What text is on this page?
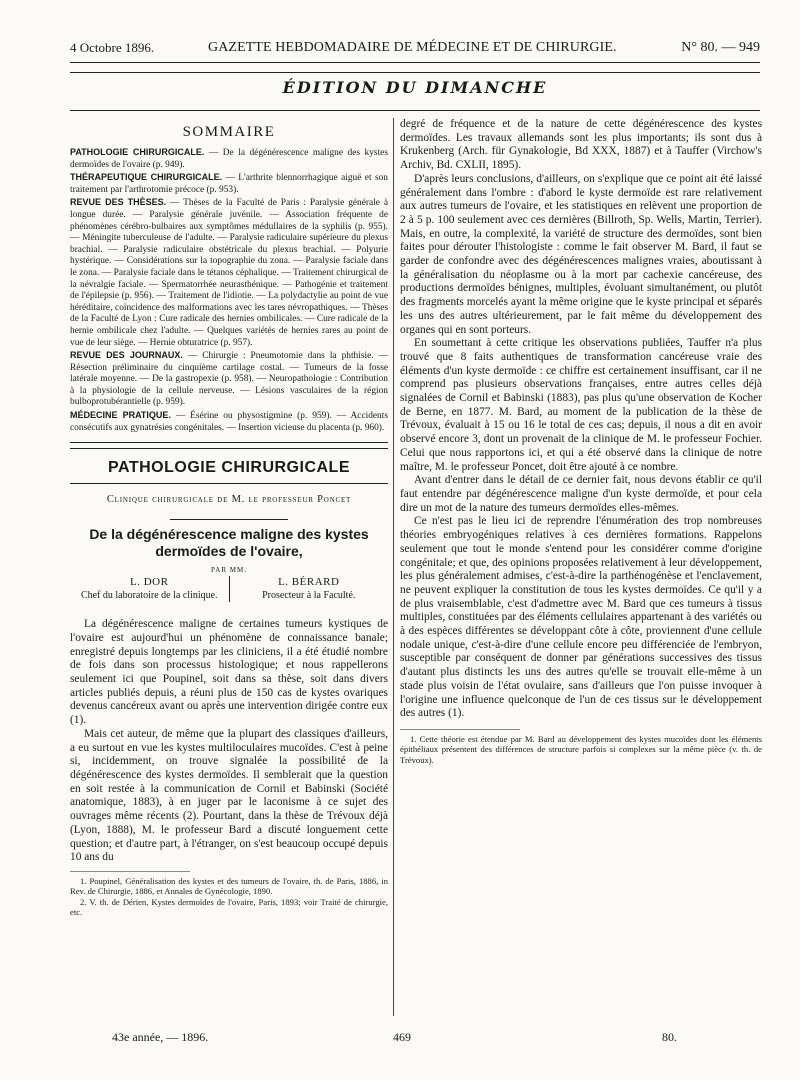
4 Octobre 1896.	GAZETTE HEBDOMADAIRE DE MÉDECINE ET DE CHIRURGIE.	N° 80. — 949
ÉDITION DU DIMANCHE
SOMMAIRE

PATHOLOGIE CHIRURGICALE. — De la dégénérescence maligne des kystes dermoïdes de l'ovaire (p. 949).

THÉRAPEUTIQUE CHIRURGICALE. — L'arthrite blennorrhagique aiguë et son traitement par l'arthrotomie précoce (p. 953).

REVUE DES THÈSES. — Thèses de la Faculté de Paris : Paralysie générale à longue durée. — Paralysie générale juvénile. — Association fréquente de phénomènes cérébro-bulbaires aux symptômes médullaires de la syphilis (p. 955). — Méningite tuberculeuse de l'adulte. — Paralysie radiculaire supérieure du plexus brachial. — Paralysie radiculaire obstétricale du plexus brachial. — Polyurie hystérique. — Considérations sur la topographie du zona. — Paralysie faciale dans le zona. — Paralysie faciale dans le tétanos céphalique. — Traitement chirurgical de la névralgie faciale. — Spermatorrhée neurasthénique. — Pathogénie et traitement de l'épilepsie (p. 956). — Traitement de l'idiotie. — La polydactylie au point de vue héréditaire, coïncidence des malformations avec les tares névropathiques. — Thèses de la Faculté de Lyon : Cure radicale des hernies ombilicales. — Cure radicale de la hernie ombilicale chez l'adulte. — Quelques variétés de hernies rares au point de vue de leur siège. — Hernie obturatrice (p. 957).

REVUE DES JOURNAUX. — Chirurgie : Pneumotomie dans la phthisie. — Résection préliminaire du cinquième cartilage costal. — Tumeurs de la fosse latérale moyenne. — De la gastropexie (p. 958). — Neuropathologie : Contribution à la physiologie de la cellule nerveuse. — Lésions vasculaires de la région bulboprotubérantielle (p. 959).

MÉDECINE PRATIQUE. — Ésérine ou physostigmine (p. 959). — Accidents consécutifs aux gynatrésies congénitales. — Insertion vicieuse du placenta (p. 960).

PATHOLOGIE CHIRURGICALE
Clinique chirurgicale de M. le professeur Poncet
De la dégénérescence maligne des kystes dermoïdes de l'ovaire,
PAR MM.
L. DOR
Chef du laboratoire de la clinique.
L. BÉRARD
Prosecteur à la Faculté.

La dégénérescence maligne de certaines tumeurs kystiques de l'ovaire est aujourd'hui un phénomène de connaissance banale; enregistré depuis longtemps par les cliniciens, il a été étudié nombre de fois dans son processus histologique; et nous rappellerons seulement ici que Poupinel, soit dans sa thèse, soit dans divers articles publiés depuis, a réuni plus de 150 cas de kystes ovariques devenus cancéreux avant ou après une intervention dirigée contre eux (1).

Mais cet auteur, de même que la plupart des classiques d'ailleurs, a eu surtout en vue les kystes multiloculaires mucoïdes. C'est à peine si, incidemment, on trouve signalée la possibilité de la dégénérescence des kystes dermoïdes. Il semblerait que la question en soit restée à la communication de Cornil et Babinski (Société anatomique, 1883), à en juger par le laconisme à ce sujet des ouvrages même récents (2). Pourtant, dans la thèse de Trévoux déjà (Lyon, 1888), M. le professeur Bard a discuté longuement cette question; et d'autre part, à l'étranger, on s'est beaucoup occupé depuis 10 ans du

1. Poupinel, Généralisation des kystes et des tumeurs de l'ovaire, th. de Paris, 1886, in Rev. de Chirurgie, 1886, et Annales de Gynécologie, 1890.

2. V. th. de Dérien, Kystes dermoïdes de l'ovaire, Paris, 1893; voir Traité de chirurgie, etc.

degré de fréquence et de la nature de cette dégénérescence des kystes dermoïdes. Les travaux allemands sont les plus importants; ils sont dus à Krukenberg (Arch. für Gynakologie, Bd XXX, 1887) et à Tauffer (Virchow's Archiv, Bd. CXLII, 1895).

D'après leurs conclusions, d'ailleurs, on s'explique que ce point ait été laissé généralement dans l'ombre : d'abord le kyste dermoïde est rare relativement aux autres tumeurs de l'ovaire, et les statistiques en relèvent une proportion de 2 à 5 p. 100 seulement avec ces dernières (Billroth, Sp. Wells, Martin, Terrier). Mais, en outre, la complexité, la variété de structure des dermoïdes, sont bien faites pour dérouter l'histologiste : comme le fait observer M. Bard, il faut se garder de confondre avec des dégénérescences malignes vraies, aboutissant à la généralisation du néoplasme ou à la mort par cachexie cancéreuse, des productions dermoïdes bénignes, multiples, évoluant simultanément, ou plutôt des fragments morcelés ayant la même origine que le kyste principal et séparés les uns des autres ultérieurement, par le fait même du développement des organes qui en sont porteurs.

En soumettant à cette critique les observations publiées, Tauffer n'a plus trouvé que 8 faits authentiques de transformation cancéreuse vraie des éléments d'un kyste dermoïde : ce chiffre est certainement insuffisant, car il ne comprend pas plusieurs observations françaises, entre autres celles déjà signalées de Cornil et Babinski (1883), pas plus qu'une observation de Kocher de Berne, en 1877. M. Bard, au moment de la publication de la thèse de Trévoux, évaluait à 15 ou 16 le total de ces cas; depuis, il nous a dit en avoir observé encore 3, dont un provenait de la clinique de M. le professeur Fochier. Celui que nous rapportons ici, et qui a été observé dans la clinique de notre maître, M. le professeur Poncet, doit être ajouté à ce nombre.

Avant d'entrer dans le détail de ce dernier fait, nous devons établir ce qu'il faut entendre par dégénérescence maligne d'un kyste dermoïde, et pour cela dire un mot de la nature des tumeurs dermoïdes elles-mêmes.

Ce n'est pas le lieu ici de reprendre l'énumération des trop nombreuses théories embryogéniques relatives à ces dernières formations. Rappelons seulement que tout le monde s'entend pour les considérer comme d'origine congénitale; et que, des opinions proposées relativement à leur développement, les plus généralement admises, c'est-à-dire la parthénogénèse et l'enclavement, ne peuvent expliquer la constitution de tous les kystes dermoïdes. Ce qu'il y a de plus vraisemblable, c'est d'admettre avec M. Bard que ces tumeurs à tissus multiples, constituées par des éléments cellulaires appartenant à des variétés ou à des espèces différentes se développant côte à côte, proviennent d'une cellule nodale unique, c'est-à-dire d'une cellule encore peu différenciée de l'embryon, susceptible par conséquent de donner par générations successives des tissus d'autant plus distincts les uns des autres qu'elle se trouvait elle-même à un stade plus voisin de l'état ovulaire, sans d'ailleurs que l'on puisse invoquer à l'origine une influence quelconque de l'un de ces tissus sur le développement des autres (1).

1. Cette théorie est étendue par M. Bard au développement des kystes mucoïdes dont les éléments épithéliaux présentent des différences de structure parfois si complexes sur la même pièce (v. th. de Trévoux).

43e année, — 1896.	469	80.
